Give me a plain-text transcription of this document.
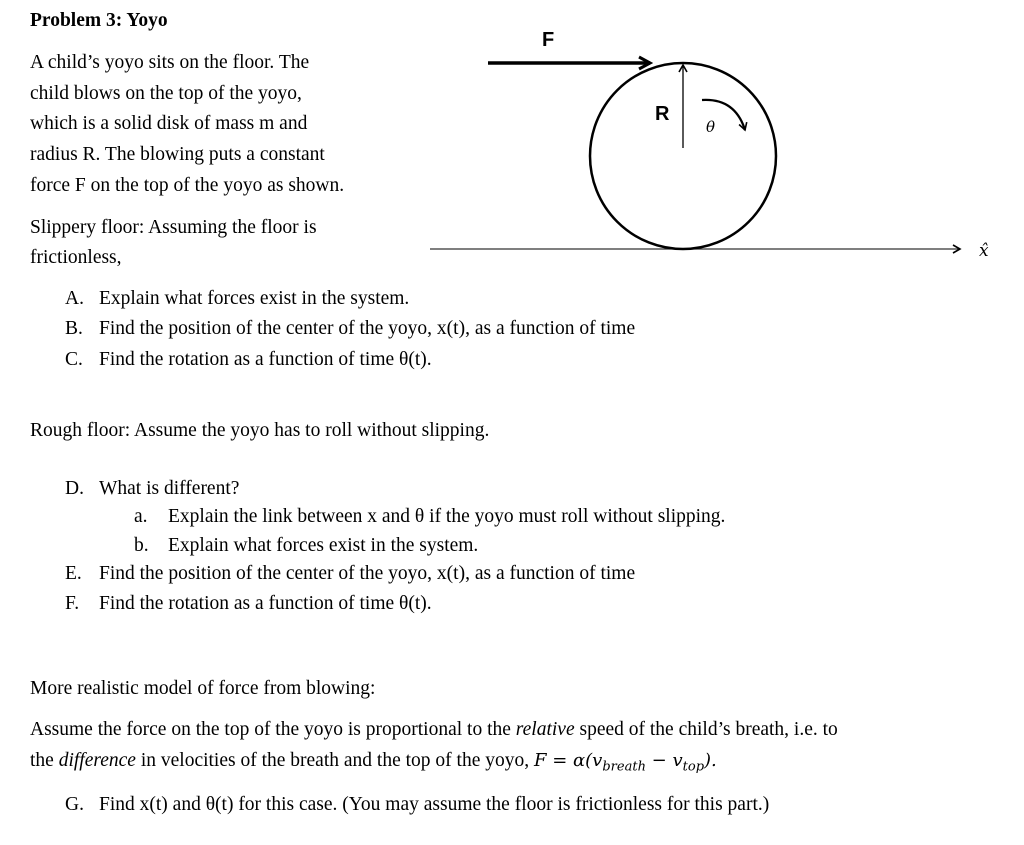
Problem 3: Yoyo
A child’s yoyo sits on the floor. The
child blows on the top of the yoyo,
which is a solid disk of mass m and
radius R. The blowing puts a constant
force F on the top of the yoyo as shown.
Slippery floor: Assuming the floor is
frictionless,
A. Explain what forces exist in the system.
B. Find the position of the center of the yoyo, x(t), as a function of time
C. Find the rotation as a function of time θ(t).
Rough floor: Assume the yoyo has to roll without slipping.
D. What is different?
a. Explain the link between x and θ if the yoyo must roll without slipping.
b. Explain what forces exist in the system.
E. Find the position of the center of the yoyo, x(t), as a function of time
F. Find the rotation as a function of time θ(t).
More realistic model of force from blowing:
Assume the force on the top of the yoyo is proportional to the relative speed of the child’s breath, i.e. to
the difference in velocities of the breath and the top of the yoyo, $F = \alpha(v_{breath} - v_{top})$.
G. Find x(t) and θ(t) for this case. (You may assume the floor is frictionless for this part.)
F
R
θ
x̂
